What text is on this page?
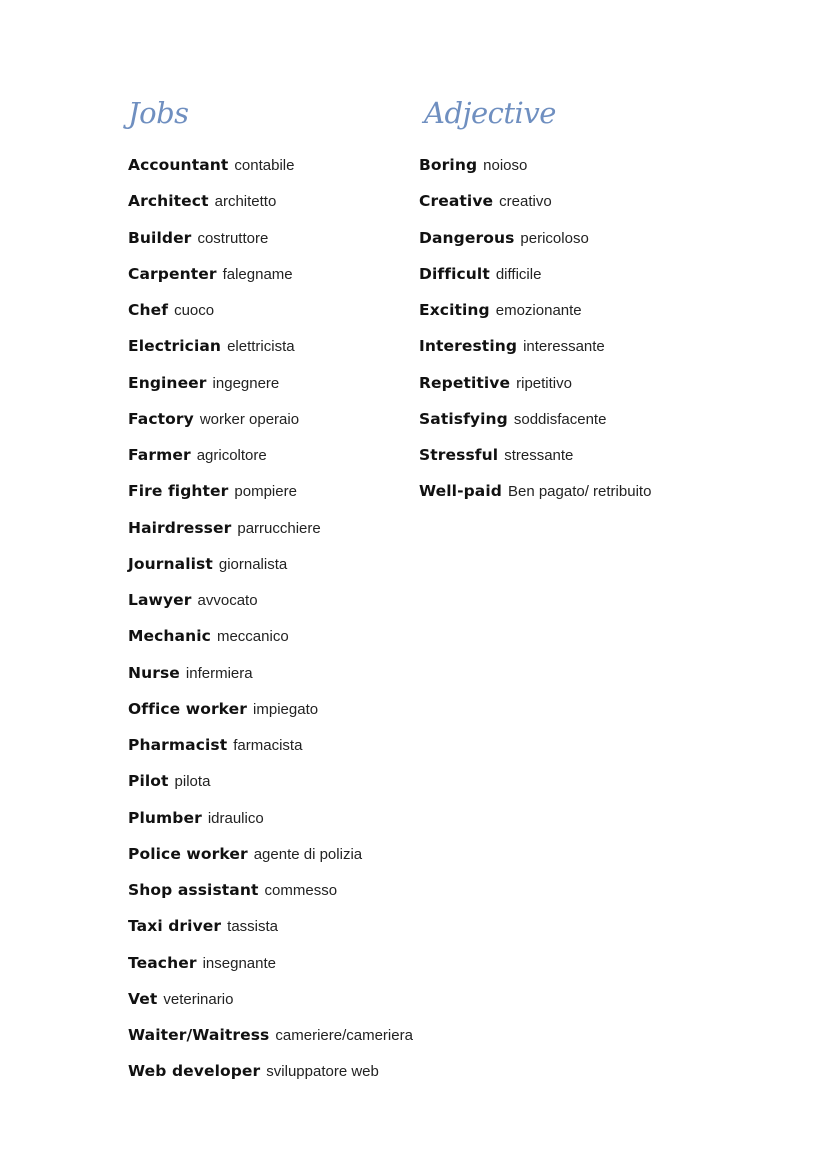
Jobs
Accountant contabile
Architect architetto
Builder costruttore
Carpenter falegname
Chef cuoco
Electrician elettricista
Engineer ingegnere
Factory worker operaio
Farmer agricoltore
Fire fighter pompiere
Hairdresser parrucchiere
Journalist giornalista
Lawyer avvocato
Mechanic meccanico
Nurse infermiera
Office worker impiegato
Pharmacist farmacista
Pilot pilota
Plumber idraulico
Police worker agente di polizia
Shop assistant commesso
Taxi driver tassista
Teacher insegnante
Vet veterinario
Waiter/Waitress cameriere/cameriera
Web developer sviluppatore web
Adjective
Boring noioso
Creative creativo
Dangerous pericoloso
Difficult difficile
Exciting emozionante
Interesting interessante
Repetitive ripetitivo
Satisfying soddisfacente
Stressful stressante
Well-paid Ben pagato/ retribuito
